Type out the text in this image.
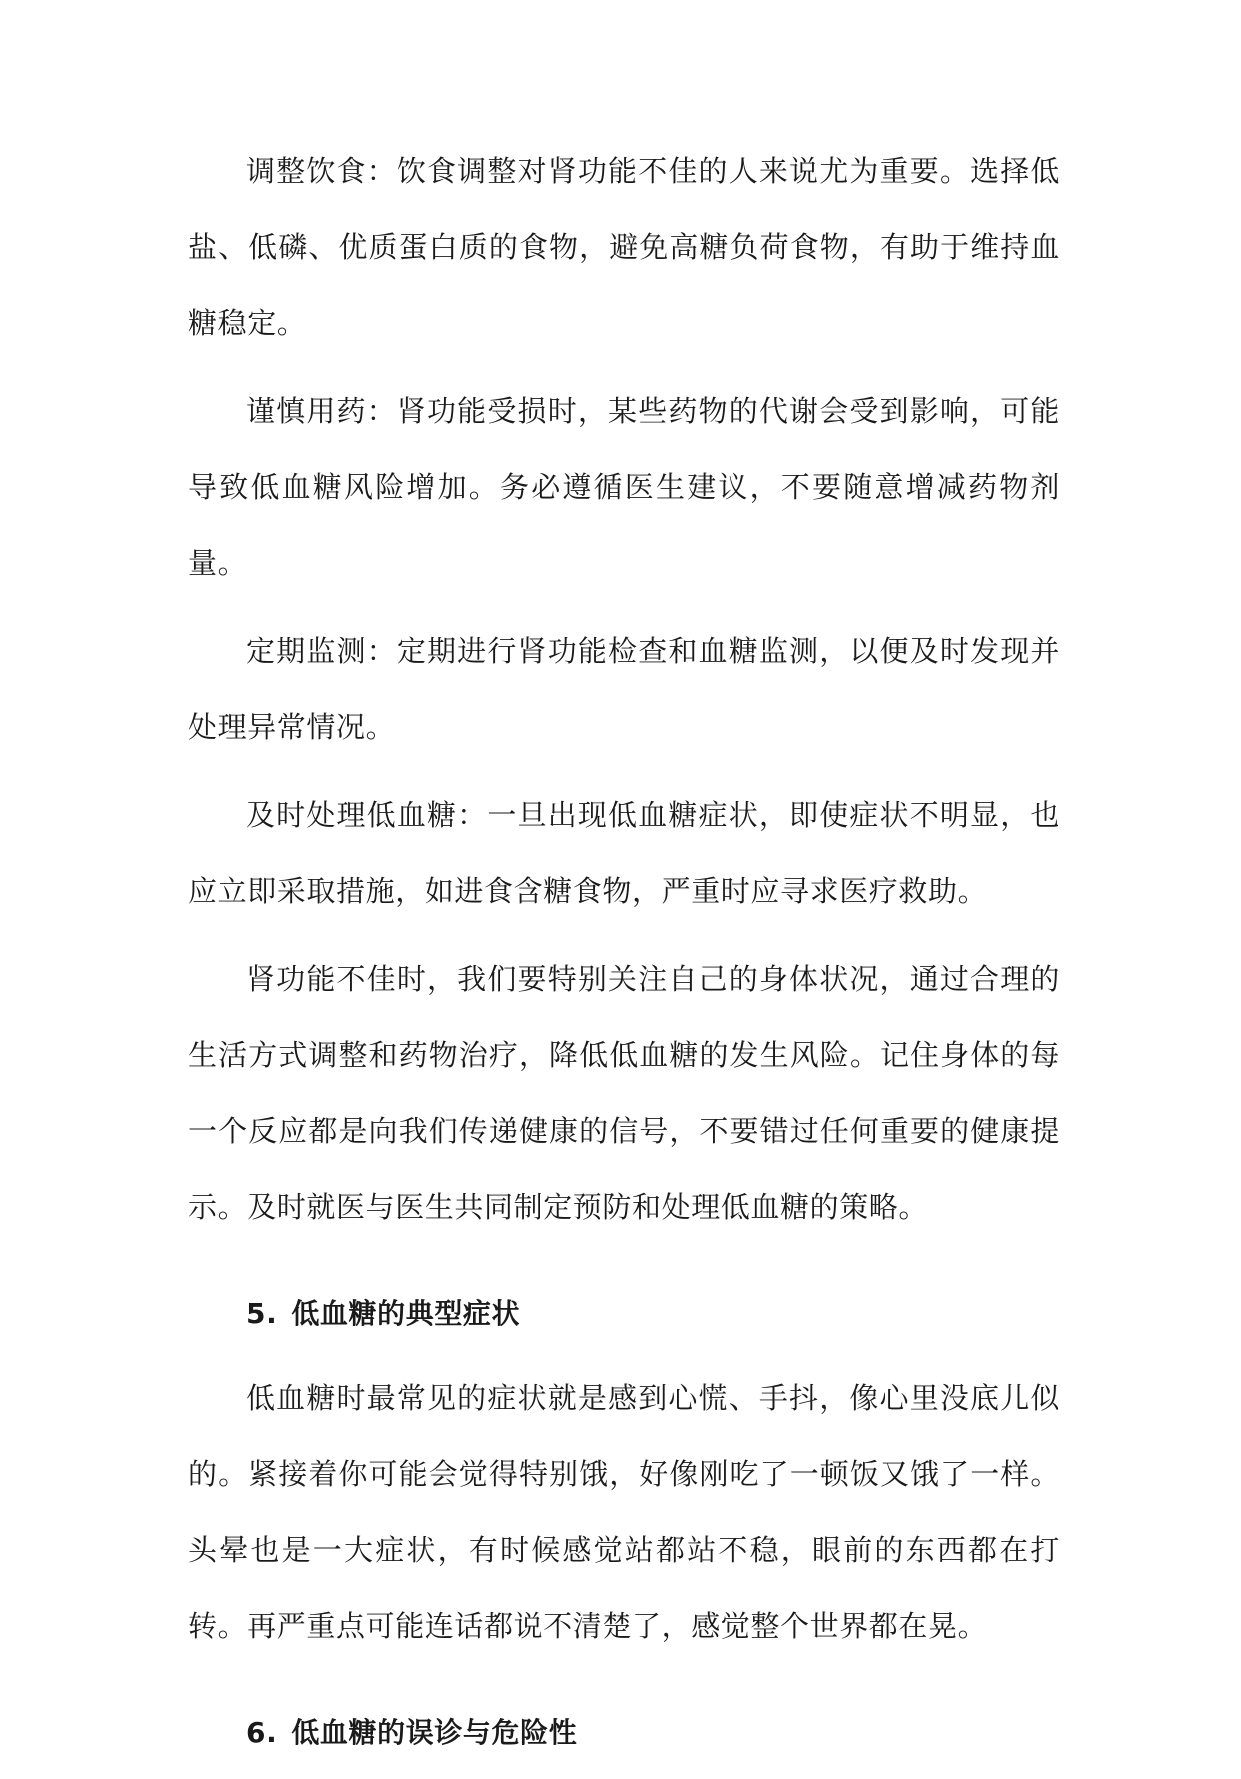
调整饮食：饮食调整对肾功能不佳的人来说尤为重要。选择低盐、低磷、优质蛋白质的食物，避免高糖负荷食物，有助于维持血糖稳定。

谨慎用药：肾功能受损时，某些药物的代谢会受到影响，可能导致低血糖风险增加。务必遵循医生建议，不要随意增减药物剂量。

定期监测：定期进行肾功能检查和血糖监测，以便及时发现并处理异常情况。

及时处理低血糖：一旦出现低血糖症状，即使症状不明显，也应立即采取措施，如进食含糖食物，严重时应寻求医疗救助。

肾功能不佳时，我们要特别关注自己的身体状况，通过合理的生活方式调整和药物治疗，降低低血糖的发生风险。记住身体的每一个反应都是向我们传递健康的信号，不要错过任何重要的健康提示。及时就医与医生共同制定预防和处理低血糖的策略。

5. 低血糖的典型症状

低血糖时最常见的症状就是感到心慌、手抖，像心里没底儿似的。紧接着你可能会觉得特别饿，好像刚吃了一顿饭又饿了一样。头晕也是一大症状，有时候感觉站都站不稳，眼前的东西都在打转。再严重点可能连话都说不清楚了，感觉整个世界都在晃。

6. 低血糖的误诊与危险性
